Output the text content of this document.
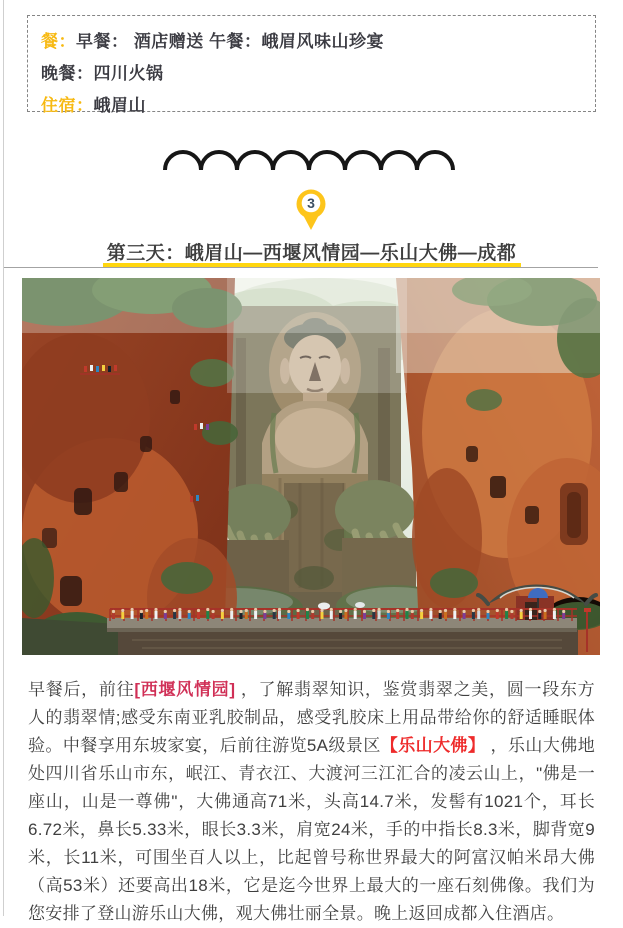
餐：早餐： 酒店赠送 午餐：峨眉风味山珍宴
晚餐：四川火锅
住宿：峨眉山
3
第三天：峨眉山—西堰风情园—乐山大佛—成都

早餐后，前往[西堰风情园] ，了解翡翠知识，鉴赏翡翠之美，圆一段东方人的翡翠情;感受东南亚乳胶制品，感受乳胶床上用品带给你的舒适睡眠体验。中餐享用东坡家宴，后前往游览5A级景区【乐山大佛】 ，乐山大佛地处四川省乐山市东，岷江、青衣江、大渡河三江汇合的凌云山上，"佛是一座山，山是一尊佛"，大佛通高71米，头高14.7米，发髻有1021个，耳长6.72米，鼻长5.33米，眼长3.3米，肩宽24米，手的中指长8.3米，脚背宽9米，长11米，可围坐百人以上，比起曾号称世界最大的阿富汉帕米昂大佛（高53米）还要高出18米，它是迄今世界上最大的一座石刻佛像。我们为您安排了登山游乐山大佛，观大佛壮丽全景。晚上返回成都入住酒店。
